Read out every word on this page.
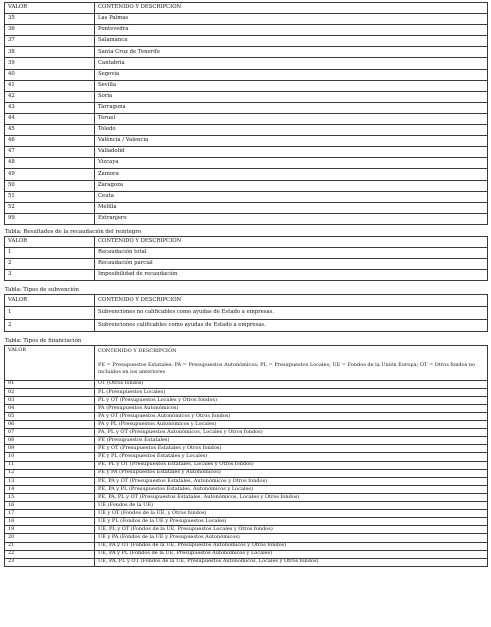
VALOR	CONTENIDO Y DESCRIPCIÓN
35	Las Palmas
36	Pontevedra
37	Salamanca
38	Santa Cruz de Tenerife
39	Cantabria
40	Segovia
41	Sevilla
42	Soria
43	Tarragona
44	Teruel
45	Toledo
46	València / Valencia
47	Valladolid
48	Vizcaya
49	Zamora
50	Zaragoza
51	Ceuta
52	Melilla
99	Extranjero

Tabla: Resultados de la recaudación del reintegro

VALOR	CONTENIDO Y DESCRIPCIÓN
1	Recaudación total
2	Recaudación parcial
3	Imposibilidad de recaudación

Tabla: Tipos de subvención

VALOR	CONTENIDO Y DESCRIPCIÓN
1	Subvenciones no calificables como ayudas de Estado a empresas.
2	Subvenciones calificables como ayudas de Estado a empresas.

Tabla: Tipos de financiación

VALOR	CONTENIDO Y DESCRIPCIÓN
PE = Presupuestos Estatales; PA = Presupuestos Autonómicos; PL = Presupuestos Locales; UE = Fondos de la Unión Europa; OT = Otros fondos no incluidos en los anteriores

01	OT (Otros fondos)
02	PL (Presupuestos Locales)
03	PL y OT (Presupuestos Locales y Otros fondos)
04	PA (Presupuestos Autonómicos)
05	PA y OT (Presupuestos Autonómicos y Otros fondos)
06	PA y PL (Presupuestos Autonómicos y Locales)
07	PA, PL y OT (Presupuestos Autonómicos, Locales y Otros fondos)
08	PE (Presupuestos Estatales)
09	PE y OT (Presupuestos Estatales y Otros fondos)
10	PE y PL (Presupuestos Estatales y Locales)
11	PE, PL y OT (Presupuestos Estatales, Locales y Otros fondos)
12	PE y PA (Presupuestos Estatales y Autonómicos)
13	PE, PA y OT (Presupuestos Estatales, Autonómicos y Otros fondos)
14	PE, PA y PL (Presupuestos Estatales, Autonómicos y Locales)
15	PE, PA, PL y OT (Presupuestos Estatales, Autonómicos, Locales y Otros fondos)
16	UE (Fondos de la UE)
17	UE y OT (Fondos de la UE, y Otros fondos)
18	UE y PL (Fondos de la UE y Presupuestos Locales)
19	UE, PL y OT (Fondos de la UE, Presupuestos Locales y Otros fondos)
20	UE y PA (Fondos de la UE y Presupuestos Autonómicos)
21	UE, PA y OT (Fondos de la UE, Presupuestos Autonómicos y Otros fondos)
22	UE, PA y PL (Fondos de la UE, Presupuestos Autonómicos y Locales)
23	UE, PA, PL y OT (Fondos de la UE, Presupuestos Autonómicos, Locales y Otros fondos)
